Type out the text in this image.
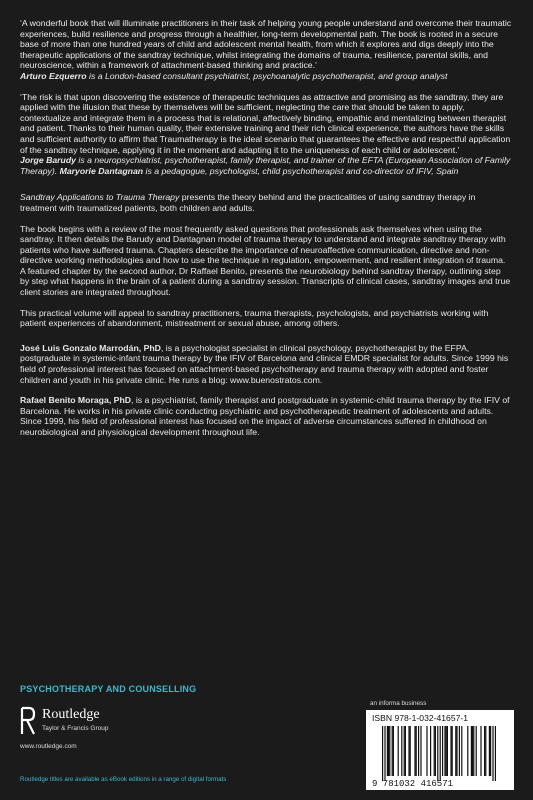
‘A wonderful book that will illuminate practitioners in their task of helping young people understand and overcome their traumatic experiences, build resilience and progress through a healthier, long-term developmental path. The book is rooted in a secure base of more than one hundred years of child and adolescent mental health, from which it explores and digs deeply into the therapeutic applications of the sandtray technique, whilst integrating the domains of trauma, resilience, parental skills, and neuroscience, within a framework of attachment-based thinking and practice.’
Arturo Ezquerro is a London-based consultant psychiatrist, psychoanalytic psychotherapist, and group analyst

‘The risk is that upon discovering the existence of therapeutic techniques as attractive and promising as the sandtray, they are applied with the illusion that these by themselves will be sufficient, neglecting the care that should be taken to apply, contextualize and integrate them in a process that is relational, affectively binding, empathic and mentalizing between therapist and patient. Thanks to their human quality, their extensive training and their rich clinical experience, the authors have the skills and sufficient authority to affirm that Traumatherapy is the ideal scenario that guarantees the effective and respectful application of the sandtray technique, applying it in the moment and adapting it to the uniqueness of each child or adolescent.’
Jorge Barudy is a neuropsychiatrist, psychotherapist, family therapist, and trainer of the EFTA (European Association of Family Therapy). Maryorie Dantagnan is a pedagogue, psychologist, child psychotherapist and co-director of IFIV, Spain

Sandtray Applications to Trauma Therapy presents the theory behind and the practicalities of using sandtray therapy in treatment with traumatized patients, both children and adults.

The book begins with a review of the most frequently asked questions that professionals ask themselves when using the sandtray. It then details the Barudy and Dantagnan model of trauma therapy to understand and integrate sandtray therapy with patients who have suffered trauma. Chapters describe the importance of neuroaffective communication, directive and non-directive working methodologies and how to use the technique in regulation, empowerment, and resilient integration of trauma. A featured chapter by the second author, Dr Raffael Benito, presents the neurobiology behind sandtray therapy, outlining step by step what happens in the brain of a patient during a sandtray session. Transcripts of clinical cases, sandtray images and true client stories are integrated throughout.

This practical volume will appeal to sandtray practitioners, trauma therapists, psychologists, and psychiatrists working with patient experiences of abandonment, mistreatment or sexual abuse, among others.

José Luis Gonzalo Marrodán, PhD, is a psychologist specialist in clinical psychology, psychotherapist by the EFPA, postgraduate in systemic-infant trauma therapy by the IFIV of Barcelona and clinical EMDR specialist for adults. Since 1999 his field of professional interest has focused on attachment-based psychotherapy and trauma therapy with adopted and foster children and youth in his private clinic. He runs a blog: www.buenostratos.com.

Rafael Benito Moraga, PhD, is a psychiatrist, family therapist and postgraduate in systemic-child trauma therapy by the IFIV of Barcelona. He works in his private clinic conducting psychiatric and psychotherapeutic treatment of adolescents and adults. Since 1999, his field of professional interest has focused on the impact of adverse circumstances suffered in childhood on neurobiological and physiological development throughout life.

PSYCHOTHERAPY AND COUNSELLING
Routledge
Taylor & Francis Group
www.routledge.com
an informa business
ISBN 978-1-032-41657-1
9 781032 416571
Routledge titles are available as eBook editions in a range of digital formats
